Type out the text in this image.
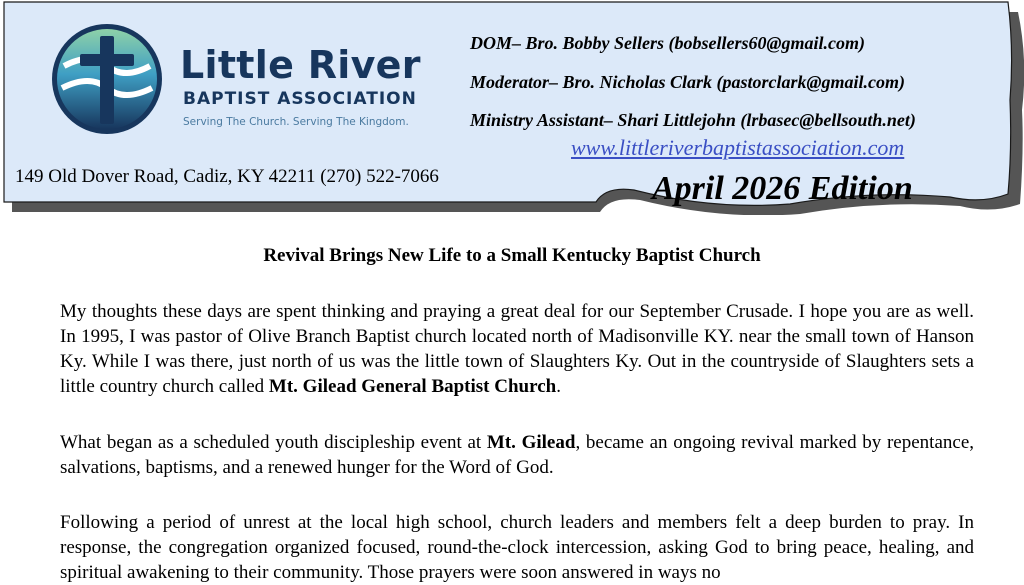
Little River
BAPTIST ASSOCIATION
Serving The Church. Serving The Kingdom.
DOM– Bro. Bobby Sellers (bobsellers60@gmail.com)
Moderator– Bro. Nicholas Clark (pastorclark@gmail.com)
Ministry Assistant– Shari Littlejohn (lrbasec@bellsouth.net)
www.littleriverbaptistassociation.com
149 Old Dover Road, Cadiz, KY 42211 (270) 522-7066	April 2026 Edition
Revival Brings New Life to a Small Kentucky Baptist Church

My thoughts these days are spent thinking and praying a great deal for our September Crusade. I hope you are as well. In 1995, I was pastor of Olive Branch Baptist church located north of Madisonville KY. near the small town of Hanson Ky. While I was there, just north of us was the little town of Slaughters Ky. Out in the countryside of Slaughters sets a little country church called Mt. Gilead General Baptist Church.

What began as a scheduled youth discipleship event at Mt. Gilead, became an ongoing revival marked by repentance, salvations, baptisms, and a renewed hunger for the Word of God.

Following a period of unrest at the local high school, church leaders and members felt a deep burden to pray. In response, the congregation organized focused, round-the-clock intercession, asking God to bring peace, healing, and spiritual awakening to their community. Those prayers were soon answered in ways no
